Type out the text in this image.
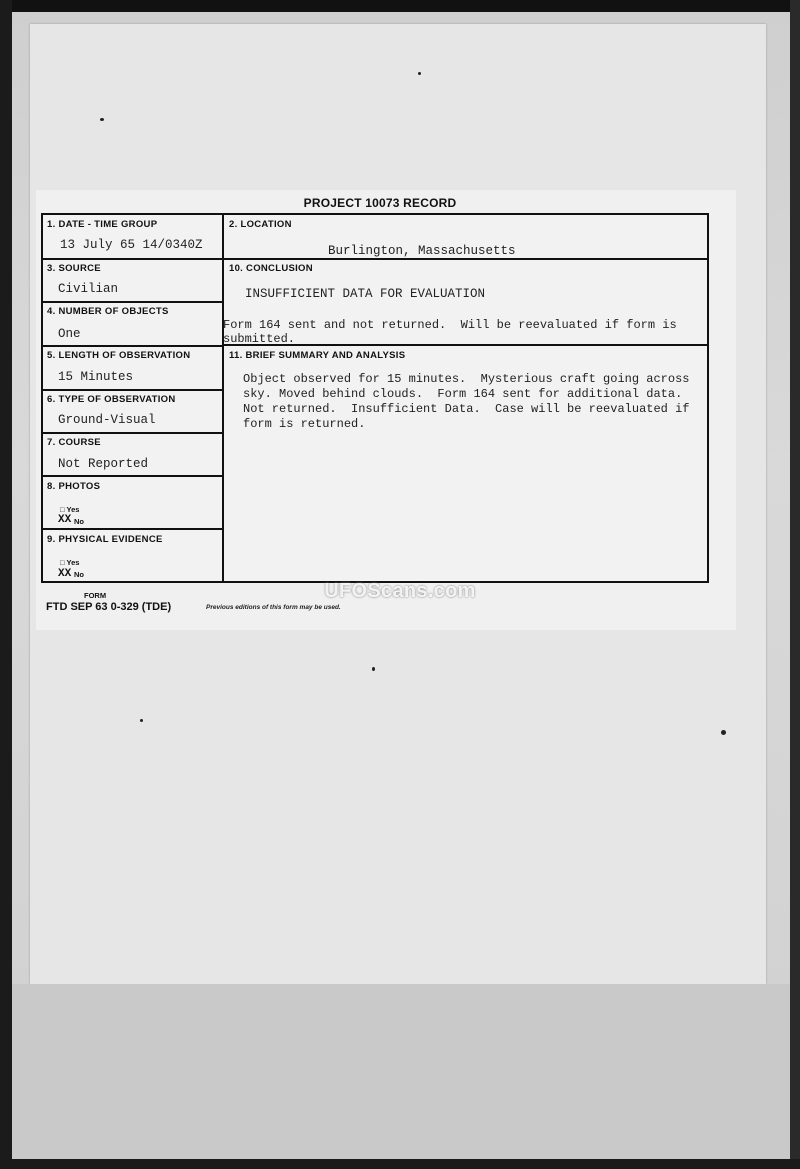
PROJECT 10073 RECORD
1. DATE - TIME GROUP
13 July 65 14/0340Z
3. SOURCE
Civilian
4. NUMBER OF OBJECTS
One
5. LENGTH OF OBSERVATION
15 Minutes
6. TYPE OF OBSERVATION
Ground-Visual
7. COURSE
Not Reported
8. PHOTOS
□ Yes
XX No
9. PHYSICAL EVIDENCE
□ Yes
XX No
2. LOCATION
Burlington, Massachusetts
10. CONCLUSION
INSUFFICIENT DATA FOR EVALUATION
Form 164 sent and not returned.  Will be reevaluated if form is
submitted.
11. BRIEF SUMMARY AND ANALYSIS
Object observed for 15 minutes.  Mysterious craft going across
sky. Moved behind clouds.  Form 164 sent for additional data.
Not returned.  Insufficient Data.  Case will be reevaluated if
form is returned.
FORM
FTD SEP 63 0-329 (TDE)	Previous editions of this form may be used.
UFOScans.com
